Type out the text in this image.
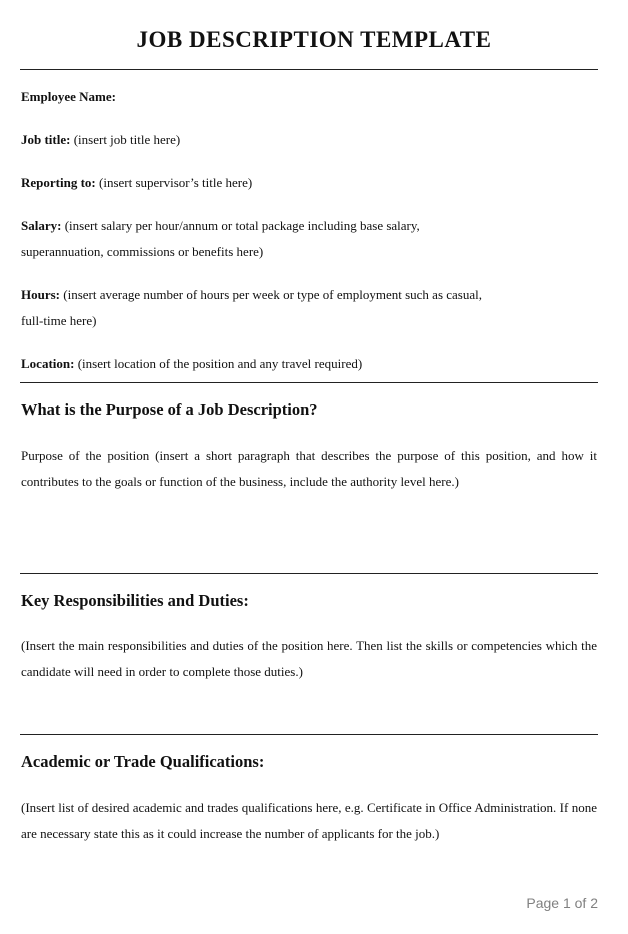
JOB DESCRIPTION TEMPLATE
Employee Name:
Job title: (insert job title here)
Reporting to: (insert supervisor’s title here)
Salary: (insert salary per hour/annum or total package including base salary,
superannuation, commissions or benefits here)
Hours: (insert average number of hours per week or type of employment such as casual,
full-time here)
Location: (insert location of the position and any travel required)
What is the Purpose of a Job Description?
Purpose of the position (insert a short paragraph that describes the purpose of this position, and how it contributes to the goals or function of the business, include the authority level here.)
Key Responsibilities and Duties:
(Insert the main responsibilities and duties of the position here. Then list the skills or competencies which the candidate will need in order to complete those duties.)
Academic or Trade Qualifications:
(Insert list of desired academic and trades qualifications here, e.g. Certificate in Office Administration. If none are necessary state this as it could increase the number of applicants for the job.)
Page 1 of 2
